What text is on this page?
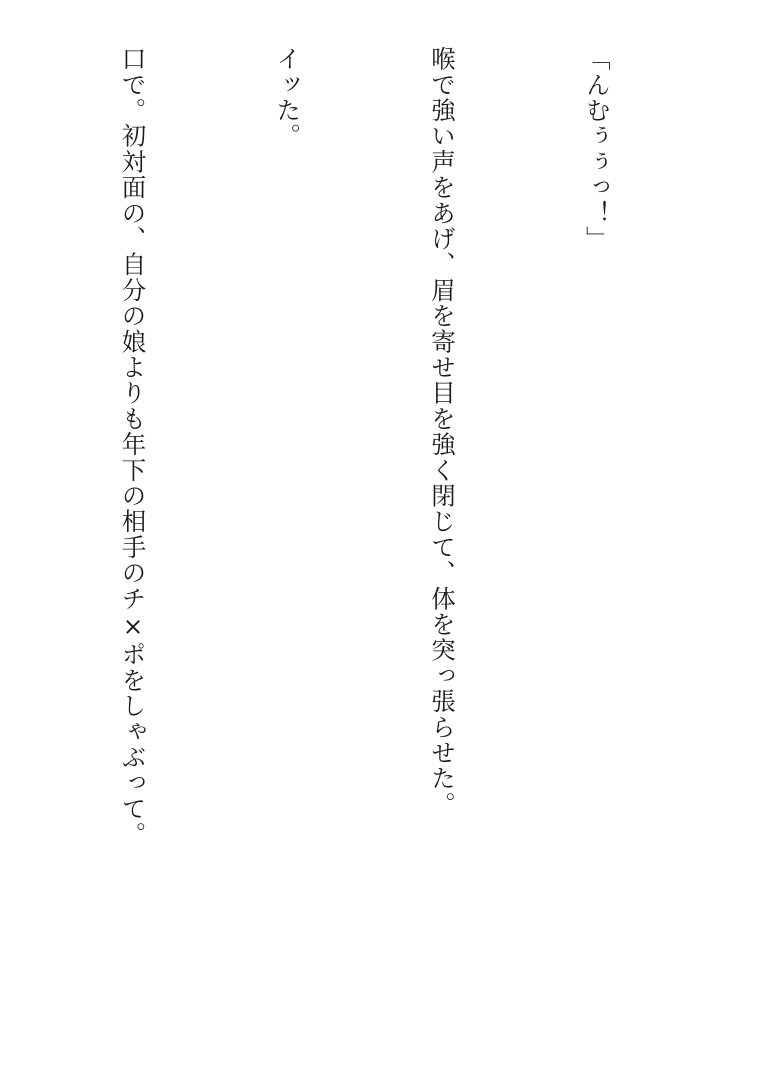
「んむぅぅっ！」

喉で強い声をあげ、眉を寄せ目を強く閉じて、体を突っ張らせた。

イッた。

口で。初対面の、自分の娘よりも年下の相手のチ×ポをしゃぶって。
